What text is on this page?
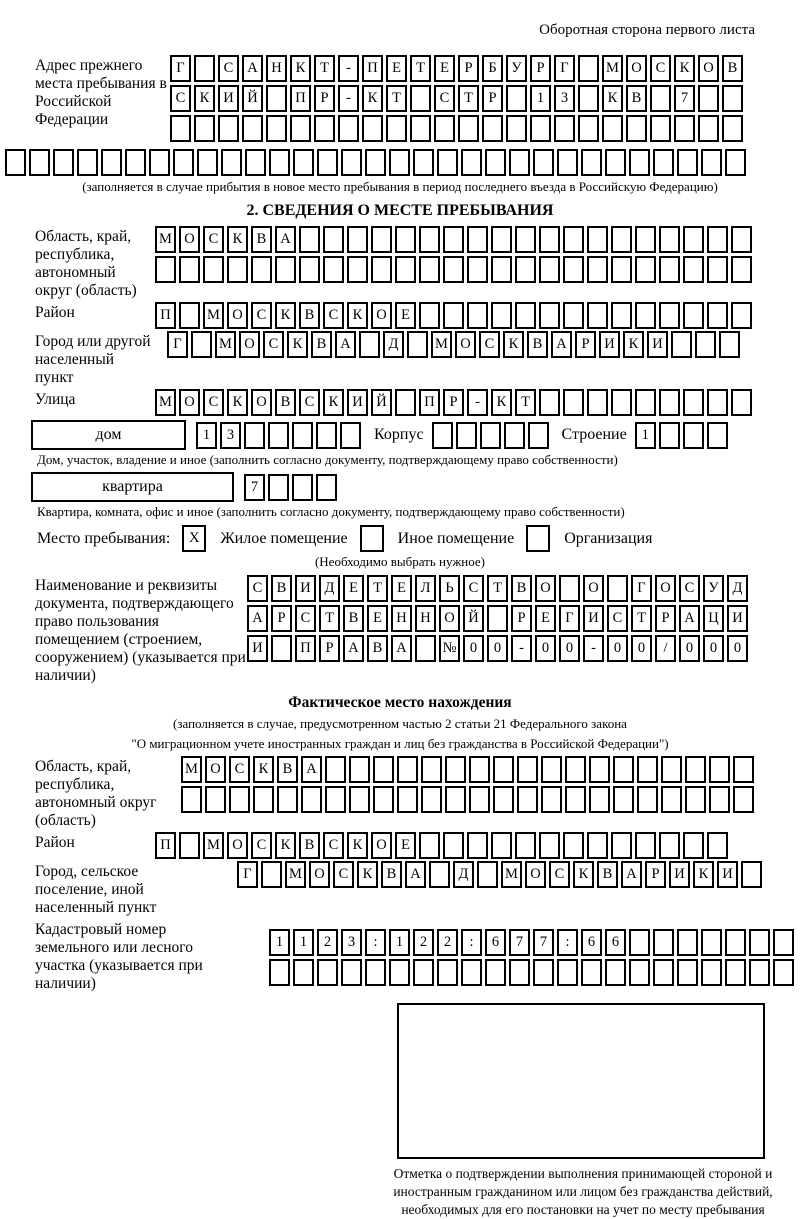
Оборотная сторона первого листа
Адрес прежнего места пребывания в Российской Федерации
Г	С А Н К	Т	-	П Е	Т	Е	Р	Б	У	Р	Г	М О С К О В
С К И Й	П	Р	-	К	Т	С	Т	Р	1	3	К В	7
(заполняется в случае прибытия в новое место пребывания в период последнего въезда в Российскую Федерацию)
2. СВЕДЕНИЯ О МЕСТЕ ПРЕБЫВАНИЯ
Область, край, республика, автономный округ (область)
М О С К В А
Район	П	М О С К В С К О Е
Город или другой населенный пункт
Г	М О С К В А	Д	М О С К В А	Р	И К И
Улица	М О С К О В С К И Й	П	Р	-	К	Т
дом	1	3	Корпус	Строение	1
Дом, участок, владение и иное (заполнить согласно документу, подтверждающему право собственности)
квартира	7
Квартира, комната, офис и иное (заполнить согласно документу, подтверждающему право собственности)
Место пребывания:	X	Жилое помещение	Иное помещение	Организация
(Необходимо выбрать нужное)
Наименование и реквизиты документа, подтверждающего право пользования помещением (строением, сооружением) (указывается при наличии)
С В И Д	Е	Т	Е	Л	Ь	С	Т	В О	О	Г	О С У Д
А	Р	С	Т	В	Е Н Н О Й	Р	Е	Г	И С	Т	Р	А Ц И
И	П	Р	А В А	№ 0	0	-	0	0	-	0	0	/	0	0	0
Фактическое место нахождения
(заполняется в случае, предусмотренном частью 2 статьи 21 Федерального закона
"О миграционном учете иностранных граждан и лиц без гражданства в Российской Федерации")
Область, край, республика, автономный округ (область)
М О С К В А
Район	П	М О С К В С К О Е
Город, сельское поселение, иной населенный пункт
Г	М О С К В А	Д	М О С К В А	Р	И К И
Кадастровый номер земельного или лесного участка (указывается при наличии)
1	1	2	3	:	1	2	2	:	6	7	7	:	6	6
Отметка о подтверждении выполнения принимающей стороной и иностранным гражданином или лицом без гражданства действий, необходимых для его постановки на учет по месту пребывания
